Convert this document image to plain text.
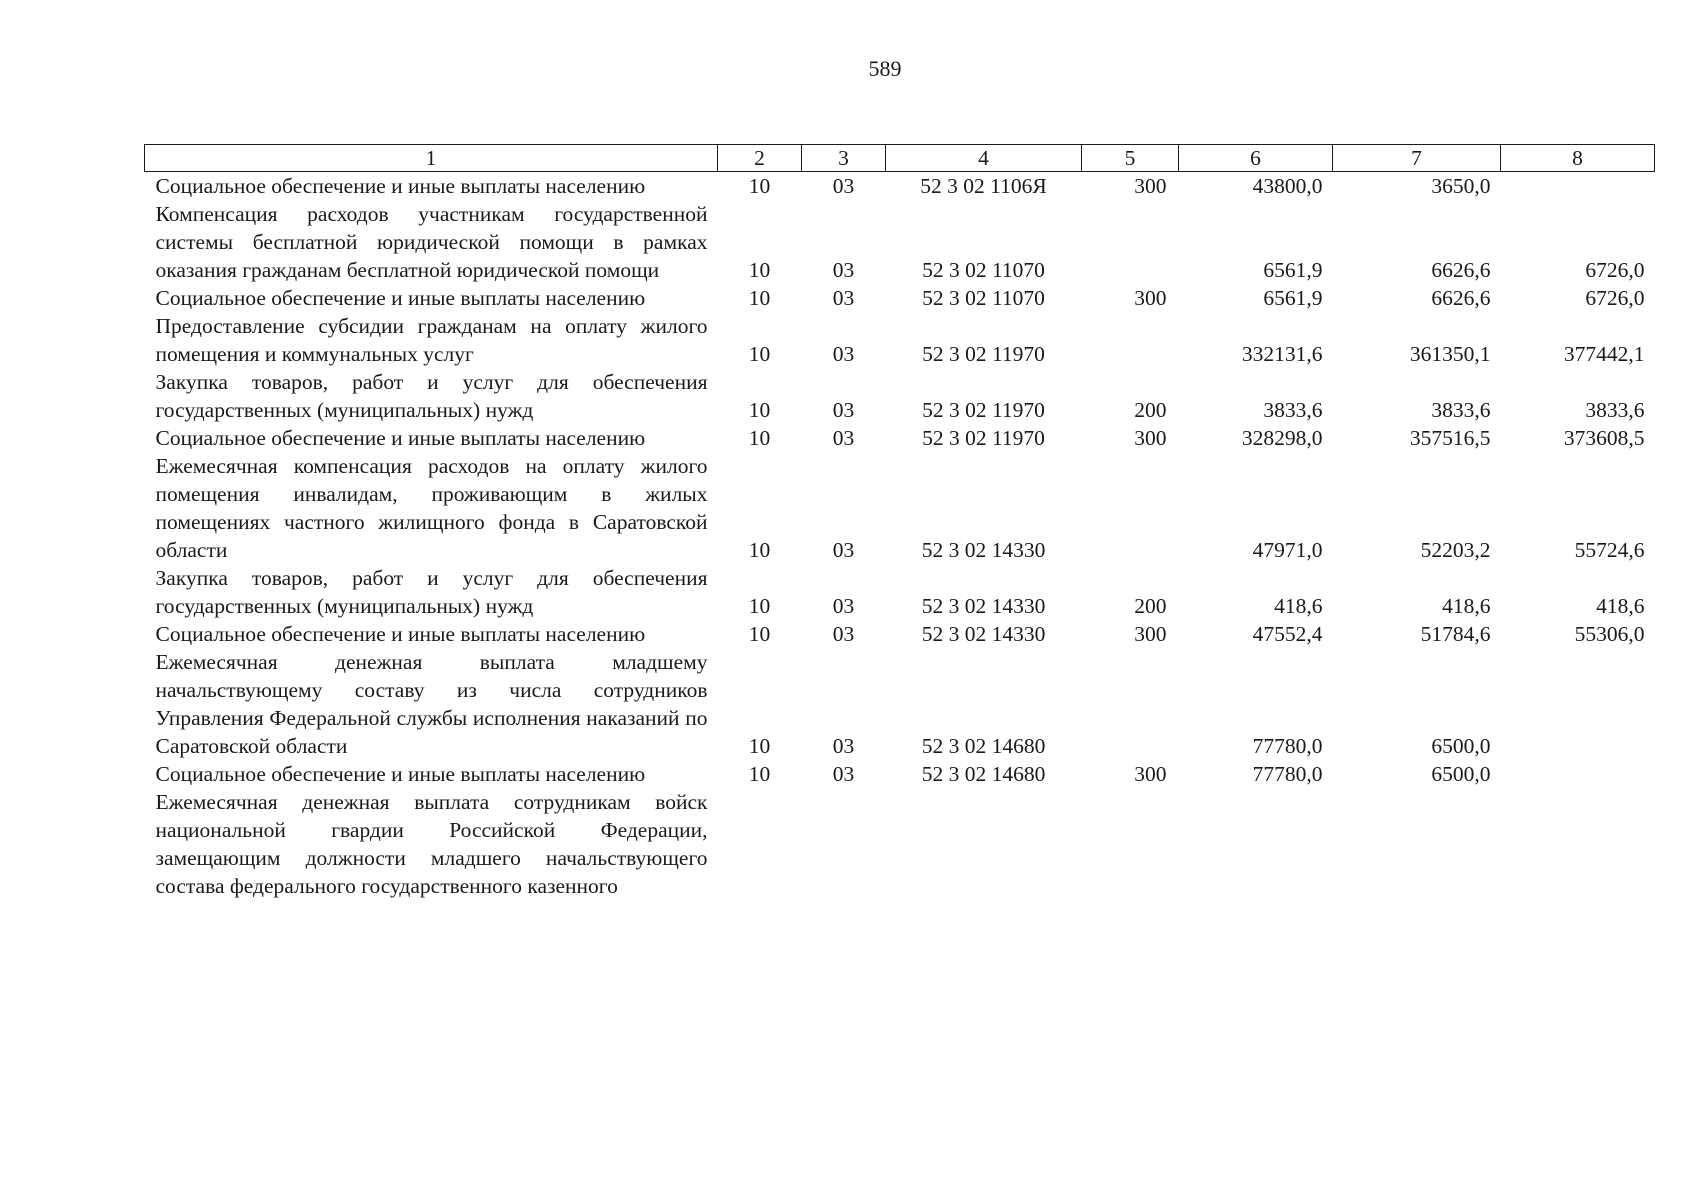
589
1	2	3	4	5	6	7	8
Социальное обеспечение и иные выплаты населению	10	03	52 3 02 1106Я	300	43800,0	3650,0	
Компенсация расходов участникам государственной системы бесплатной юридической помощи в рамках оказания гражданам бесплатной юридической помощи	10	03	52 3 02 11070		6561,9	6626,6	6726,0
Социальное обеспечение и иные выплаты населению	10	03	52 3 02 11070	300	6561,9	6626,6	6726,0
Предоставление субсидии гражданам на оплату жилого помещения и коммунальных услуг	10	03	52 3 02 11970		332131,6	361350,1	377442,1
Закупка товаров, работ и услуг для обеспечения государственных (муниципальных) нужд	10	03	52 3 02 11970	200	3833,6	3833,6	3833,6
Социальное обеспечение и иные выплаты населению	10	03	52 3 02 11970	300	328298,0	357516,5	373608,5
Ежемесячная компенсация расходов на оплату жилого помещения инвалидам, проживающим в жилых помещениях частного жилищного фонда в Саратовской области	10	03	52 3 02 14330		47971,0	52203,2	55724,6
Закупка товаров, работ и услуг для обеспечения государственных (муниципальных) нужд	10	03	52 3 02 14330	200	418,6	418,6	418,6
Социальное обеспечение и иные выплаты населению	10	03	52 3 02 14330	300	47552,4	51784,6	55306,0
Ежемесячная денежная выплата младшему начальствующему составу из числа сотрудников Управления Федеральной службы исполнения наказаний по Саратовской области	10	03	52 3 02 14680		77780,0	6500,0	
Социальное обеспечение и иные выплаты населению	10	03	52 3 02 14680	300	77780,0	6500,0	
Ежемесячная денежная выплата сотрудникам войск национальной гвардии Российской Федерации, замещающим должности младшего начальствующего состава федерального государственного казенного							
